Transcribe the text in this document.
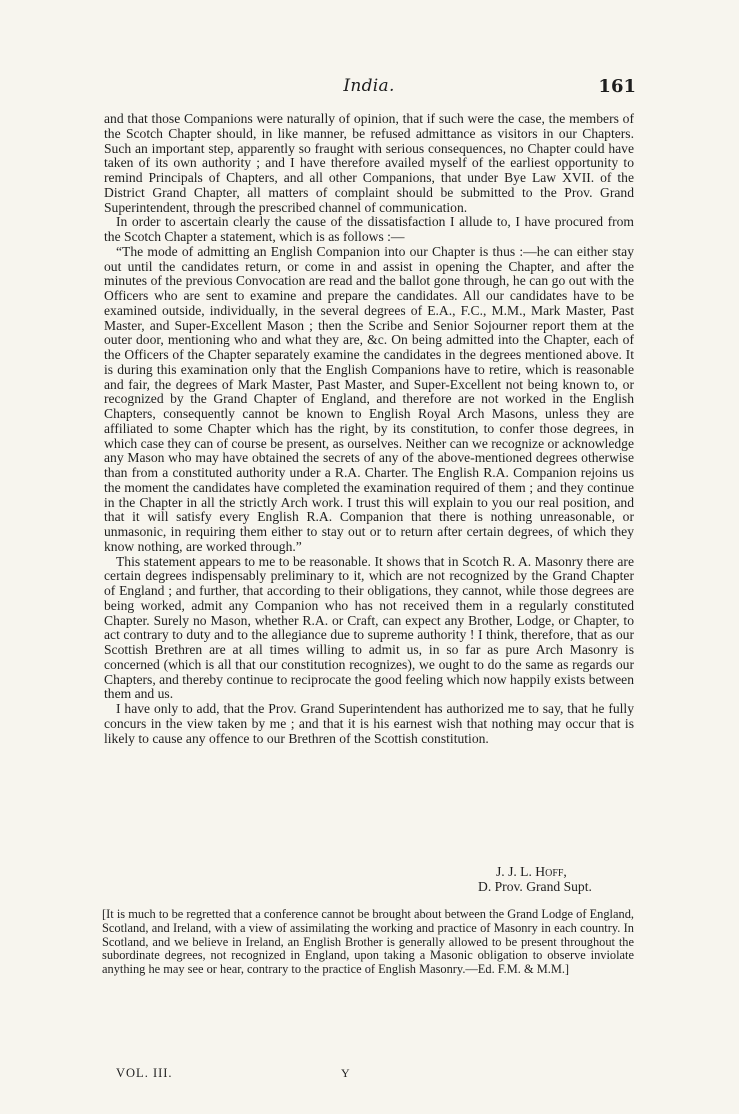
India.	161

and that those Companions were naturally of opinion, that if such were the case, the members of the Scotch Chapter should, in like manner, be refused admittance as visitors in our Chapters. Such an important step, apparently so fraught with serious consequences, no Chapter could have taken of its own authority ; and I have therefore availed myself of the earliest opportunity to remind Principals of Chapters, and all other Companions, that under Bye Law XVII. of the District Grand Chapter, all matters of complaint should be submitted to the Prov. Grand Superintendent, through the prescribed channel of communication.

In order to ascertain clearly the cause of the dissatisfaction I allude to, I have procured from the Scotch Chapter a statement, which is as follows :—

“The mode of admitting an English Companion into our Chapter is thus :—he can either stay out until the candidates return, or come in and assist in opening the Chapter, and after the minutes of the previous Convocation are read and the ballot gone through, he can go out with the Officers who are sent to examine and prepare the candidates. All our candidates have to be examined outside, individually, in the several degrees of E.A., F.C., M.M., Mark Master, Past Master, and Super-Excellent Mason ; then the Scribe and Senior Sojourner report them at the outer door, mentioning who and what they are, &c. On being admitted into the Chapter, each of the Officers of the Chapter separately examine the candidates in the degrees mentioned above. It is during this examination only that the English Companions have to retire, which is reasonable and fair, the degrees of Mark Master, Past Master, and Super-Excellent not being known to, or recognized by the Grand Chapter of England, and therefore are not worked in the English Chapters, consequently cannot be known to English Royal Arch Masons, unless they are affiliated to some Chapter which has the right, by its constitution, to confer those degrees, in which case they can of course be present, as ourselves. Neither can we recognize or acknowledge any Mason who may have obtained the secrets of any of the above-mentioned degrees otherwise than from a constituted authority under a R.A. Charter. The English R.A. Companion rejoins us the moment the candidates have completed the examination required of them ; and they continue in the Chapter in all the strictly Arch work. I trust this will explain to you our real position, and that it will satisfy every English R.A. Companion that there is nothing unreasonable, or unmasonic, in requiring them either to stay out or to return after certain degrees, of which they know nothing, are worked through.”

This statement appears to me to be reasonable. It shows that in Scotch R. A. Masonry there are certain degrees indispensably preliminary to it, which are not recognized by the Grand Chapter of England ; and further, that according to their obligations, they cannot, while those degrees are being worked, admit any Companion who has not received them in a regularly constituted Chapter. Surely no Mason, whether R.A. or Craft, can expect any Brother, Lodge, or Chapter, to act contrary to duty and to the allegiance due to supreme authority ! I think, therefore, that as our Scottish Brethren are at all times willing to admit us, in so far as pure Arch Masonry is concerned (which is all that our constitution recognizes), we ought to do the same as regards our Chapters, and thereby continue to reciprocate the good feeling which now happily exists between them and us.

I have only to add, that the Prov. Grand Superintendent has authorized me to say, that he fully concurs in the view taken by me ; and that it is his earnest wish that nothing may occur that is likely to cause any offence to our Brethren of the Scottish constitution.

J. J. L. Hoff,
D. Prov. Grand Supt.

[It is much to be regretted that a conference cannot be brought about between the Grand Lodge of England, Scotland, and Ireland, with a view of assimilating the working and practice of Masonry in each country. In Scotland, and we believe in Ireland, an English Brother is generally allowed to be present throughout the subordinate degrees, not recognized in England, upon taking a Masonic obligation to observe inviolate anything he may see or hear, contrary to the practice of English Masonry.—Ed. F.M. & M.M.]

VOL. III.	Y
